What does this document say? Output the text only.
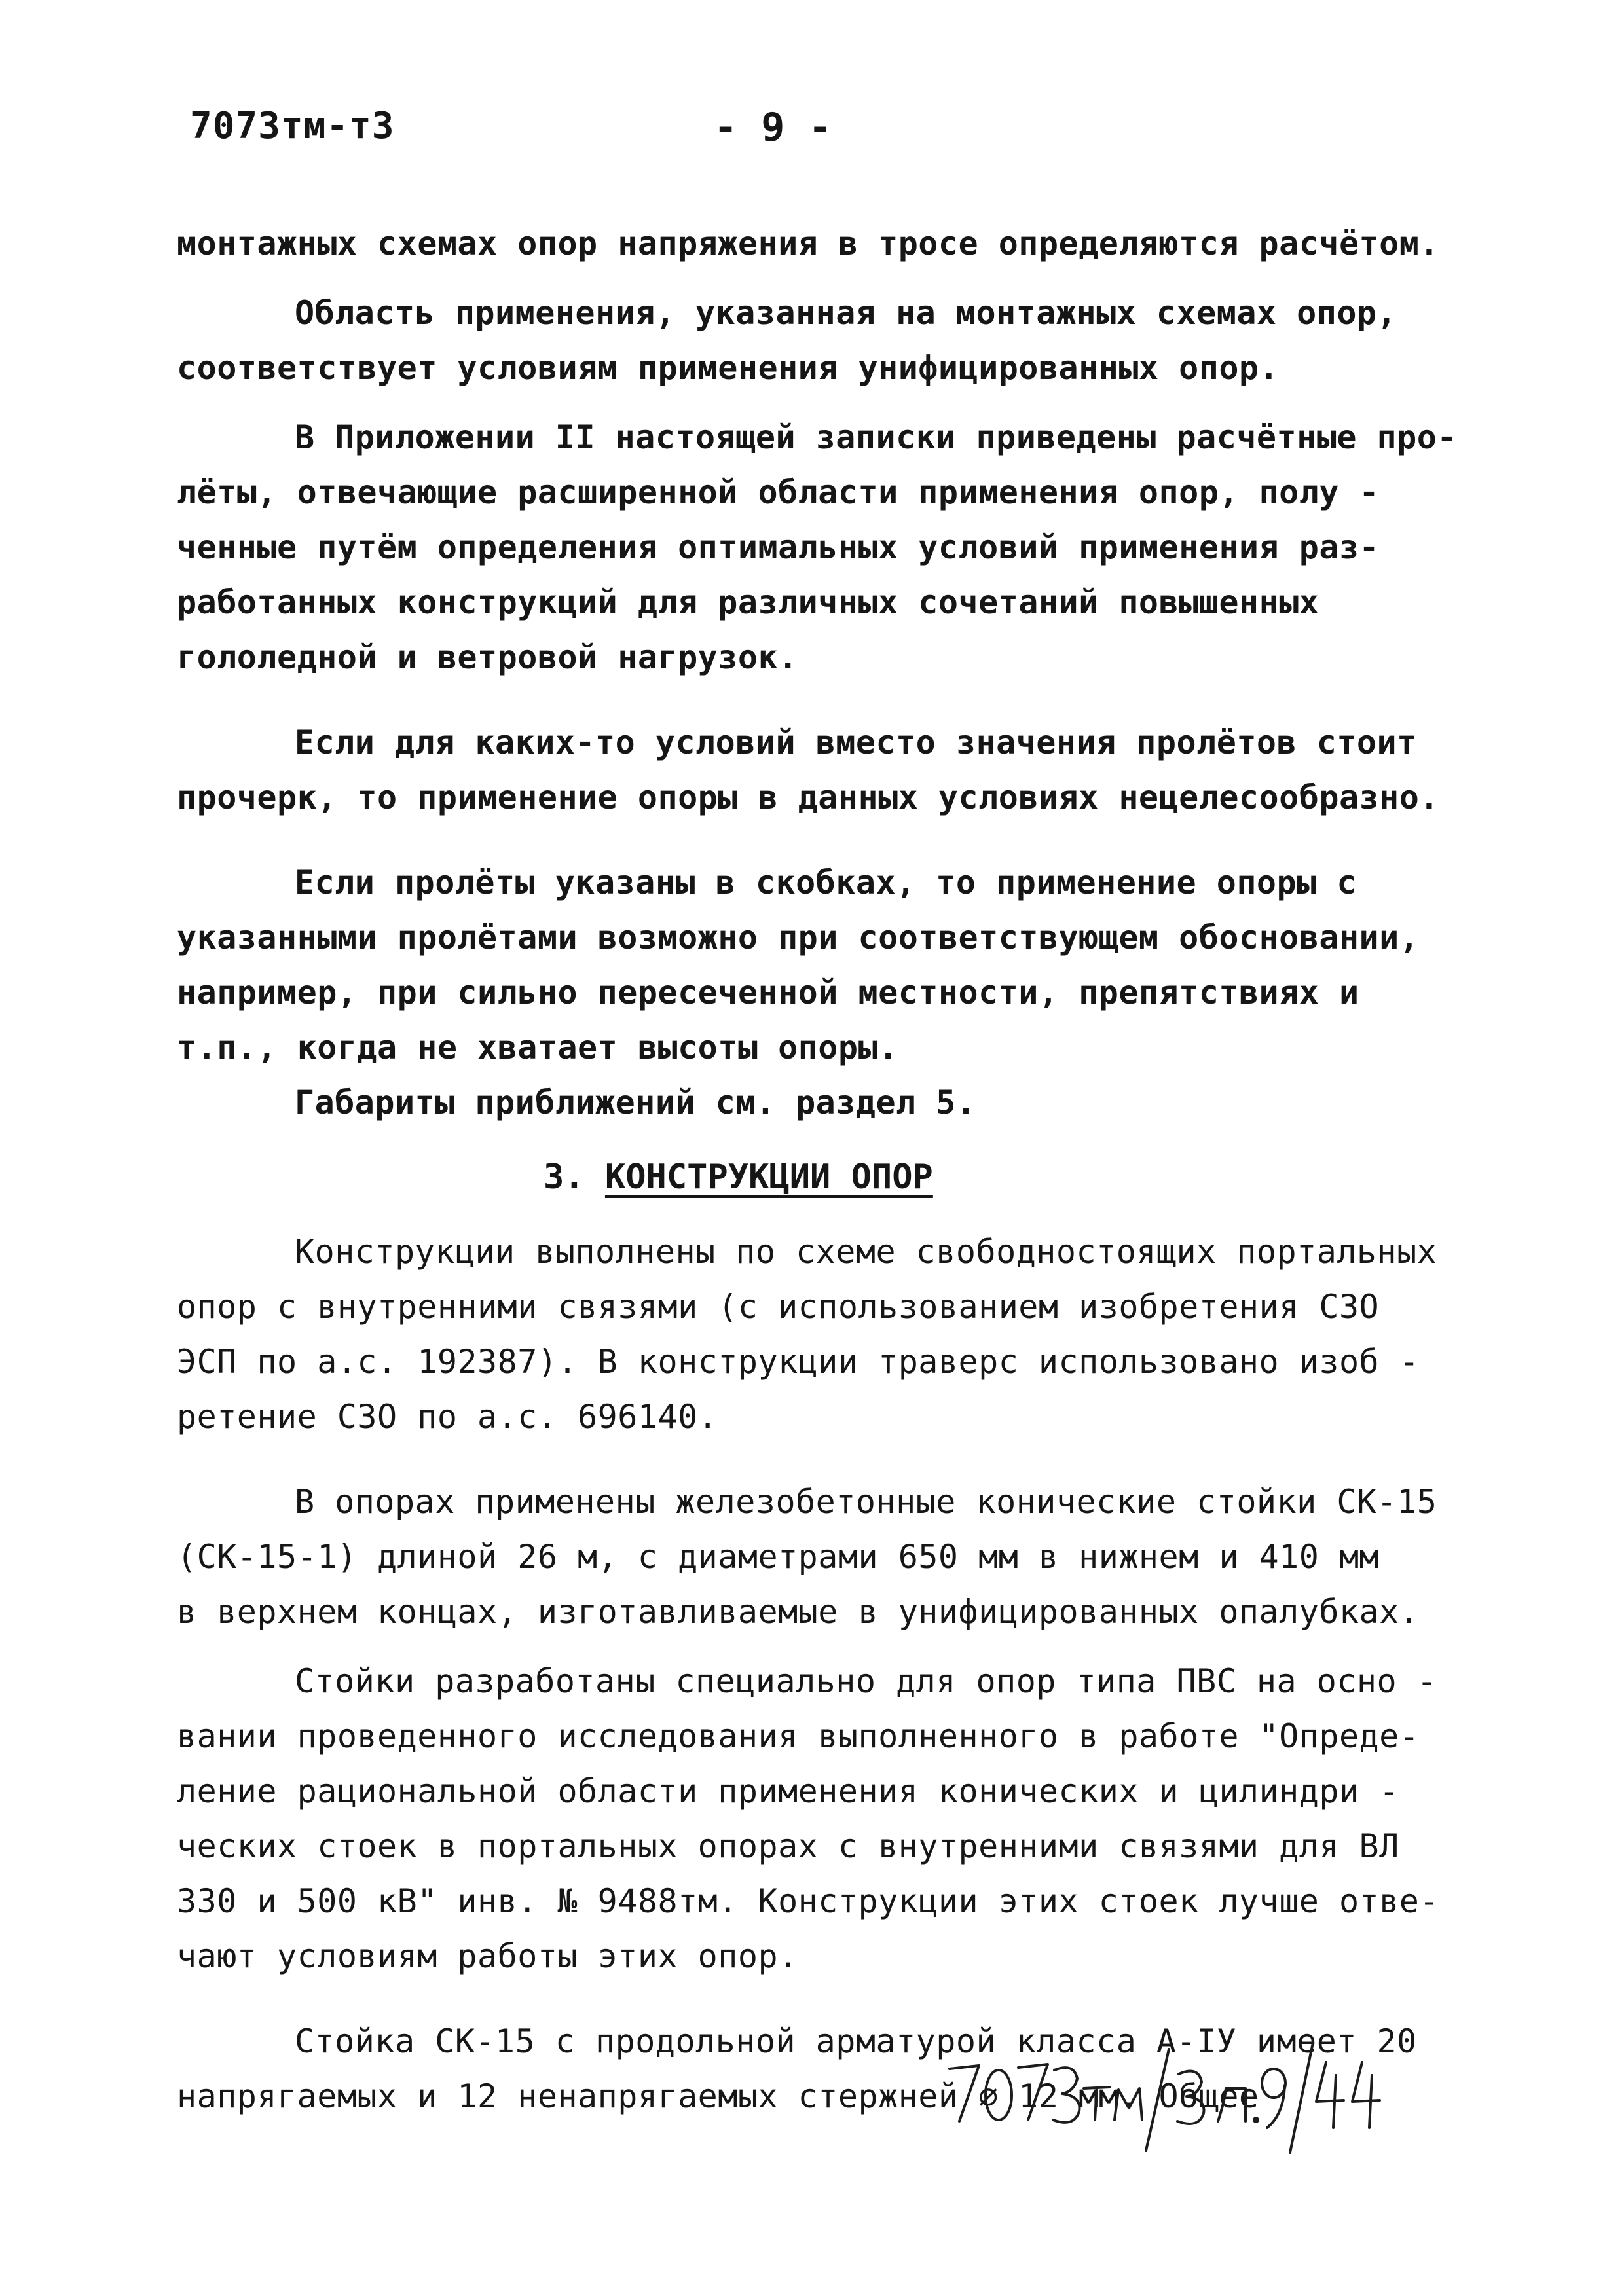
7073тм-т3	- 9 -
монтажных схемах опор напряжения в тросе определяются расчётом.
Область применения, указанная на монтажных схемах опор,
соответствует условиям применения унифицированных опор.
В Приложении II настоящей записки приведены расчётные про-
лёты, отвечающие расширенной области применения опор, полу -
ченные путём определения оптимальных условий применения раз-
работанных конструкций для различных сочетаний повышенных
гололедной и ветровой нагрузок.
Если для каких-то условий вместо значения пролётов стоит
прочерк, то применение опоры в данных условиях нецелесообразно.
Если пролёты указаны в скобках, то применение опоры с
указанными пролётами возможно при соответствующем обосновании,
например, при сильно пересеченной местности, препятствиях и
т.п., когда не хватает высоты опоры.
Габариты приближений см. раздел 5.
3. КОНСТРУКЦИИ ОПОР
Конструкции выполнены по схеме свободностоящих портальных
опор с внутренними связями (с использованием изобретения СЗО
ЭСП по а.с. 192387). В конструкции траверс использовано изоб -
ретение СЗО по а.с. 696140.
В опорах применены железобетонные конические стойки СК-15
(СК-15-1) длиной 26 м, с диаметрами 650 мм в нижнем и 410 мм
в верхнем концах, изготавливаемые в унифицированных опалубках.
Стойки разработаны специально для опор типа ПВС на осно -
вании проведенного исследования выполненного в работе "Опреде-
ление рациональной области применения конических и цилиндри -
ческих стоек в портальных опорах с внутренними связями для ВЛ
330 и 500 кВ" инв. № 9488тм. Конструкции этих стоек лучше отве-
чают условиям работы этих опор.
Стойка СК-15 с продольной арматурой класса А-IУ имеет 20
напрягаемых и 12 ненапрягаемых стержней ⌀ 12 мм. Общее
